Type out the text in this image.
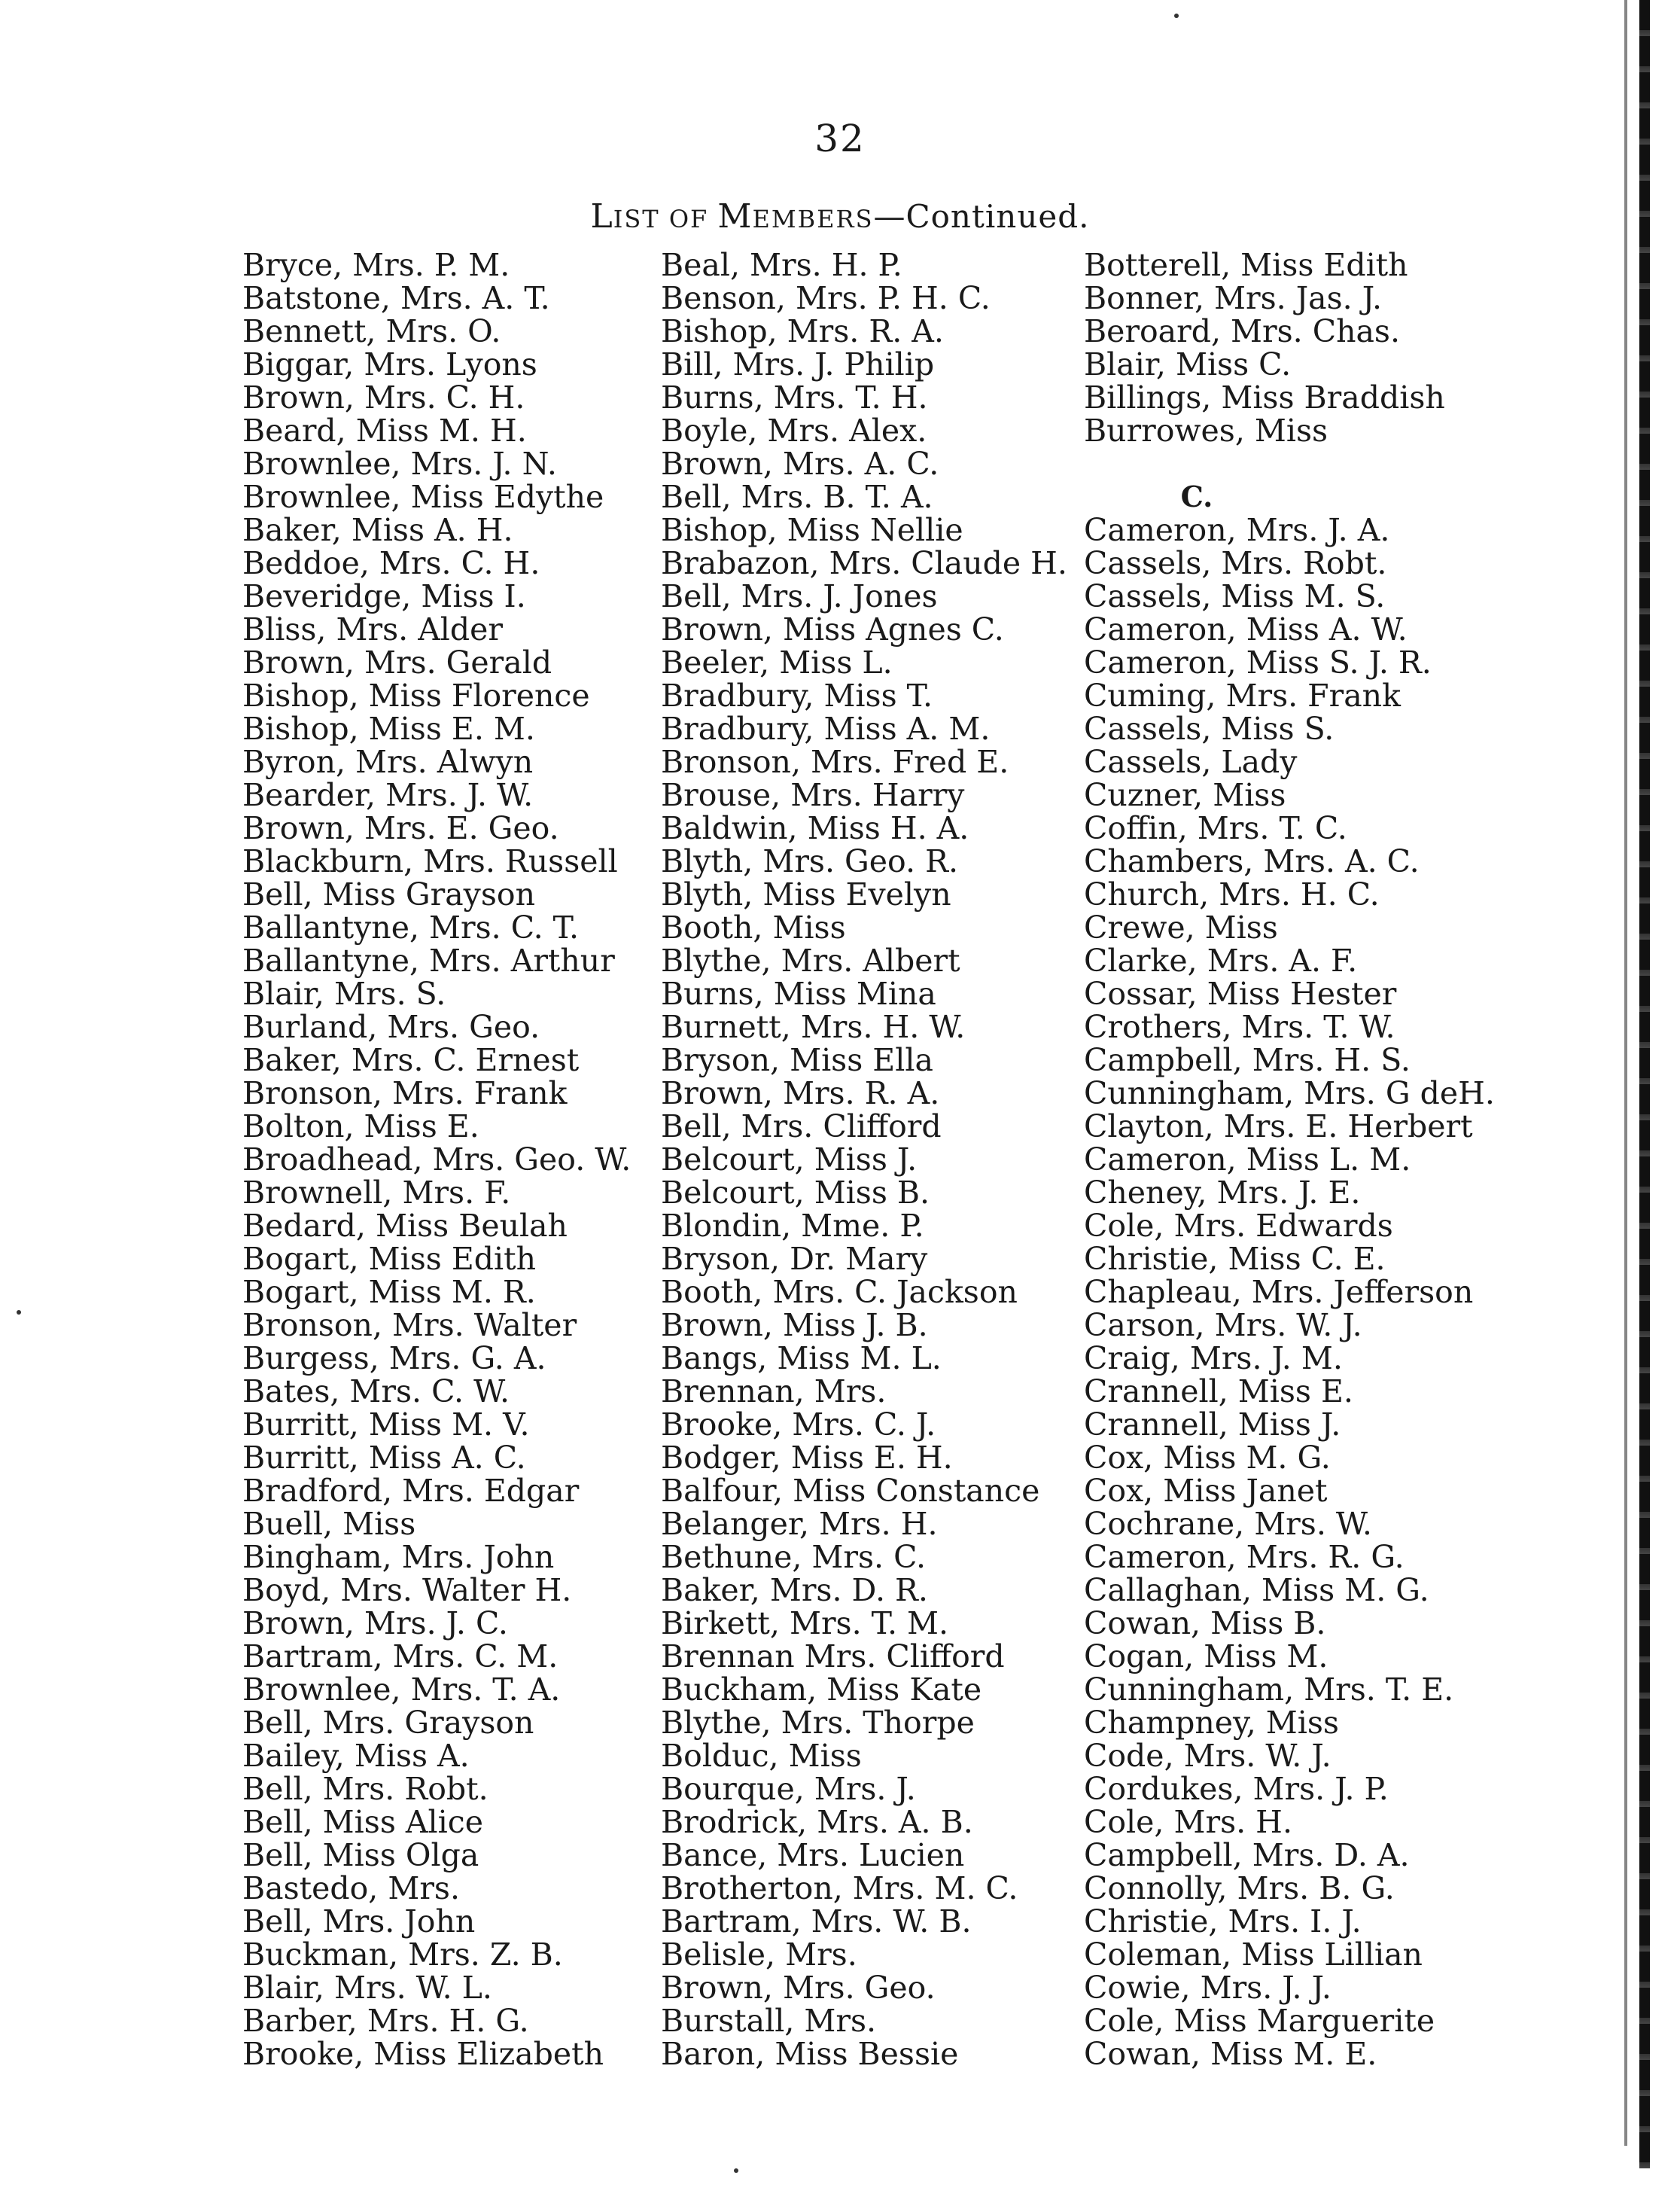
32
LIST OF MEMBERS—Continued.
Bryce, Mrs. P. M.
Batstone, Mrs. A. T.
Bennett, Mrs. O.
Biggar, Mrs. Lyons
Brown, Mrs. C. H.
Beard, Miss M. H.
Brownlee, Mrs. J. N.
Brownlee, Miss Edythe
Baker, Miss A. H.
Beddoe, Mrs. C. H.
Beveridge, Miss I.
Bliss, Mrs. Alder
Brown, Mrs. Gerald
Bishop, Miss Florence
Bishop, Miss E. M.
Byron, Mrs. Alwyn
Bearder, Mrs. J. W.
Brown, Mrs. E. Geo.
Blackburn, Mrs. Russell
Bell, Miss Grayson
Ballantyne, Mrs. C. T.
Ballantyne, Mrs. Arthur
Blair, Mrs. S.
Burland, Mrs. Geo.
Baker, Mrs. C. Ernest
Bronson, Mrs. Frank
Bolton, Miss E.
Broadhead, Mrs. Geo. W.
Brownell, Mrs. F.
Bedard, Miss Beulah
Bogart, Miss Edith
Bogart, Miss M. R.
Bronson, Mrs. Walter
Burgess, Mrs. G. A.
Bates, Mrs. C. W.
Burritt, Miss M. V.
Burritt, Miss A. C.
Bradford, Mrs. Edgar
Buell, Miss
Bingham, Mrs. John
Boyd, Mrs. Walter H.
Brown, Mrs. J. C.
Bartram, Mrs. C. M.
Brownlee, Mrs. T. A.
Bell, Mrs. Grayson
Bailey, Miss A.
Bell, Mrs. Robt.
Bell, Miss Alice
Bell, Miss Olga
Bastedo, Mrs.
Bell, Mrs. John
Buckman, Mrs. Z. B.
Blair, Mrs. W. L.
Barber, Mrs. H. G.
Brooke, Miss Elizabeth
Beal, Mrs. H. P.
Benson, Mrs. P. H. C.
Bishop, Mrs. R. A.
Bill, Mrs. J. Philip
Burns, Mrs. T. H.
Boyle, Mrs. Alex.
Brown, Mrs. A. C.
Bell, Mrs. B. T. A.
Bishop, Miss Nellie
Brabazon, Mrs. Claude H.
Bell, Mrs. J. Jones
Brown, Miss Agnes C.
Beeler, Miss L.
Bradbury, Miss T.
Bradbury, Miss A. M.
Bronson, Mrs. Fred E.
Brouse, Mrs. Harry
Baldwin, Miss H. A.
Blyth, Mrs. Geo. R.
Blyth, Miss Evelyn
Booth, Miss
Blythe, Mrs. Albert
Burns, Miss Mina
Burnett, Mrs. H. W.
Bryson, Miss Ella
Brown, Mrs. R. A.
Bell, Mrs. Clifford
Belcourt, Miss J.
Belcourt, Miss B.
Blondin, Mme. P.
Bryson, Dr. Mary
Booth, Mrs. C. Jackson
Brown, Miss J. B.
Bangs, Miss M. L.
Brennan, Mrs.
Brooke, Mrs. C. J.
Bodger, Miss E. H.
Balfour, Miss Constance
Belanger, Mrs. H.
Bethune, Mrs. C.
Baker, Mrs. D. R.
Birkett, Mrs. T. M.
Brennan Mrs. Clifford
Buckham, Miss Kate
Blythe, Mrs. Thorpe
Bolduc, Miss
Bourque, Mrs. J.
Brodrick, Mrs. A. B.
Bance, Mrs. Lucien
Brotherton, Mrs. M. C.
Bartram, Mrs. W. B.
Belisle, Mrs.
Brown, Mrs. Geo.
Burstall, Mrs.
Baron, Miss Bessie
Botterell, Miss Edith
Bonner, Mrs. Jas. J.
Beroard, Mrs. Chas.
Blair, Miss C.
Billings, Miss Braddish
Burrowes, Miss
C.
Cameron, Mrs. J. A.
Cassels, Mrs. Robt.
Cassels, Miss M. S.
Cameron, Miss A. W.
Cameron, Miss S. J. R.
Cuming, Mrs. Frank
Cassels, Miss S.
Cassels, Lady
Cuzner, Miss
Coffin, Mrs. T. C.
Chambers, Mrs. A. C.
Church, Mrs. H. C.
Crewe, Miss
Clarke, Mrs. A. F.
Cossar, Miss Hester
Crothers, Mrs. T. W.
Campbell, Mrs. H. S.
Cunningham, Mrs. G deH.
Clayton, Mrs. E. Herbert
Cameron, Miss L. M.
Cheney, Mrs. J. E.
Cole, Mrs. Edwards
Christie, Miss C. E.
Chapleau, Mrs. Jefferson
Carson, Mrs. W. J.
Craig, Mrs. J. M.
Crannell, Miss E.
Crannell, Miss J.
Cox, Miss M. G.
Cox, Miss Janet
Cochrane, Mrs. W.
Cameron, Mrs. R. G.
Callaghan, Miss M. G.
Cowan, Miss B.
Cogan, Miss M.
Cunningham, Mrs. T. E.
Champney, Miss
Code, Mrs. W. J.
Cordukes, Mrs. J. P.
Cole, Mrs. H.
Campbell, Mrs. D. A.
Connolly, Mrs. B. G.
Christie, Mrs. I. J.
Coleman, Miss Lillian
Cowie, Mrs. J. J.
Cole, Miss Marguerite
Cowan, Miss M. E.
